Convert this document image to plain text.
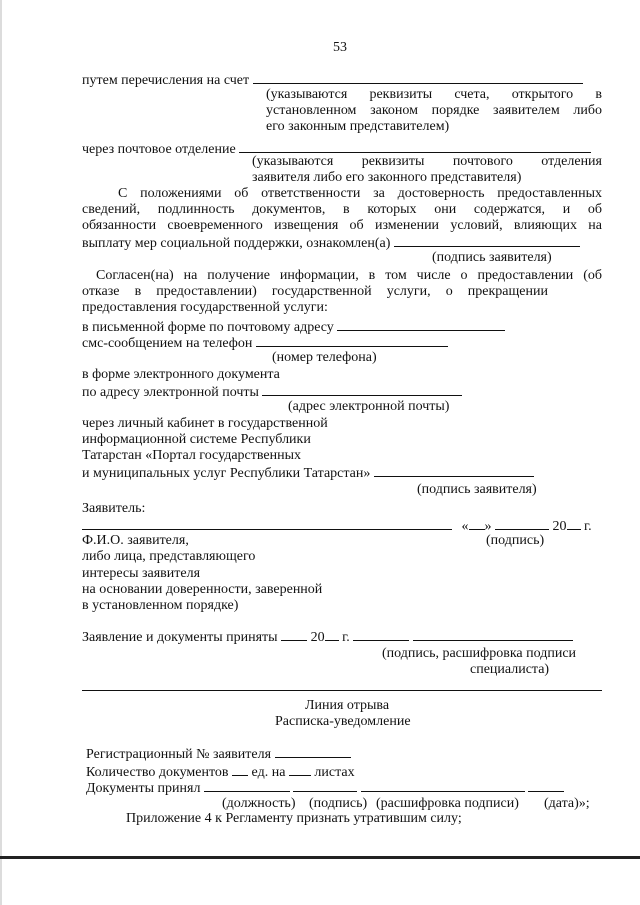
53
путем перечисления на счет
(указываются реквизиты счета, открытого в
установленном законом порядке заявителем либо
его законным представителем)
через почтовое отделение
(указываются реквизиты почтового отделения
заявителя либо его законного представителя)
С положениями об ответственности за достоверность предоставленных
сведений, подлинность документов, в которых они содержатся, и об
обязанности своевременного извещения об изменении условий, влияющих на
выплату мер социальной поддержки, ознакомлен(а)
(подпись заявителя)
Согласен(на) на получение информации, в том числе о предоставлении (об
отказе в предоставлении) государственной услуги, о прекращении
предоставления государственной услуги:
в письменной форме по почтовому адресу
смс-сообщением на телефон
(номер телефона)
в форме электронного документа
по адресу электронной почты
(адрес электронной почты)
через личный кабинет в государственной
информационной системе Республики
Татарстан «Портал государственных
и муниципальных услуг Республики Татарстан»
(подпись заявителя)
Заявитель:
« »	20 г.
Ф.И.О. заявителя,	(подпись)
либо лица, представляющего
интересы заявителя
на основании доверенности, заверенной
в установленном порядке)
Заявление и документы приняты 20 г.
(подпись, расшифровка подписи
специалиста)
Линия отрыва
Расписка-уведомление
Регистрационный № заявителя
Количество документов ед. на листах
Документы принял
(должность) (подпись) (расшифровка подписи) (дата)»;
Приложение 4 к Регламенту признать утратившим силу;
